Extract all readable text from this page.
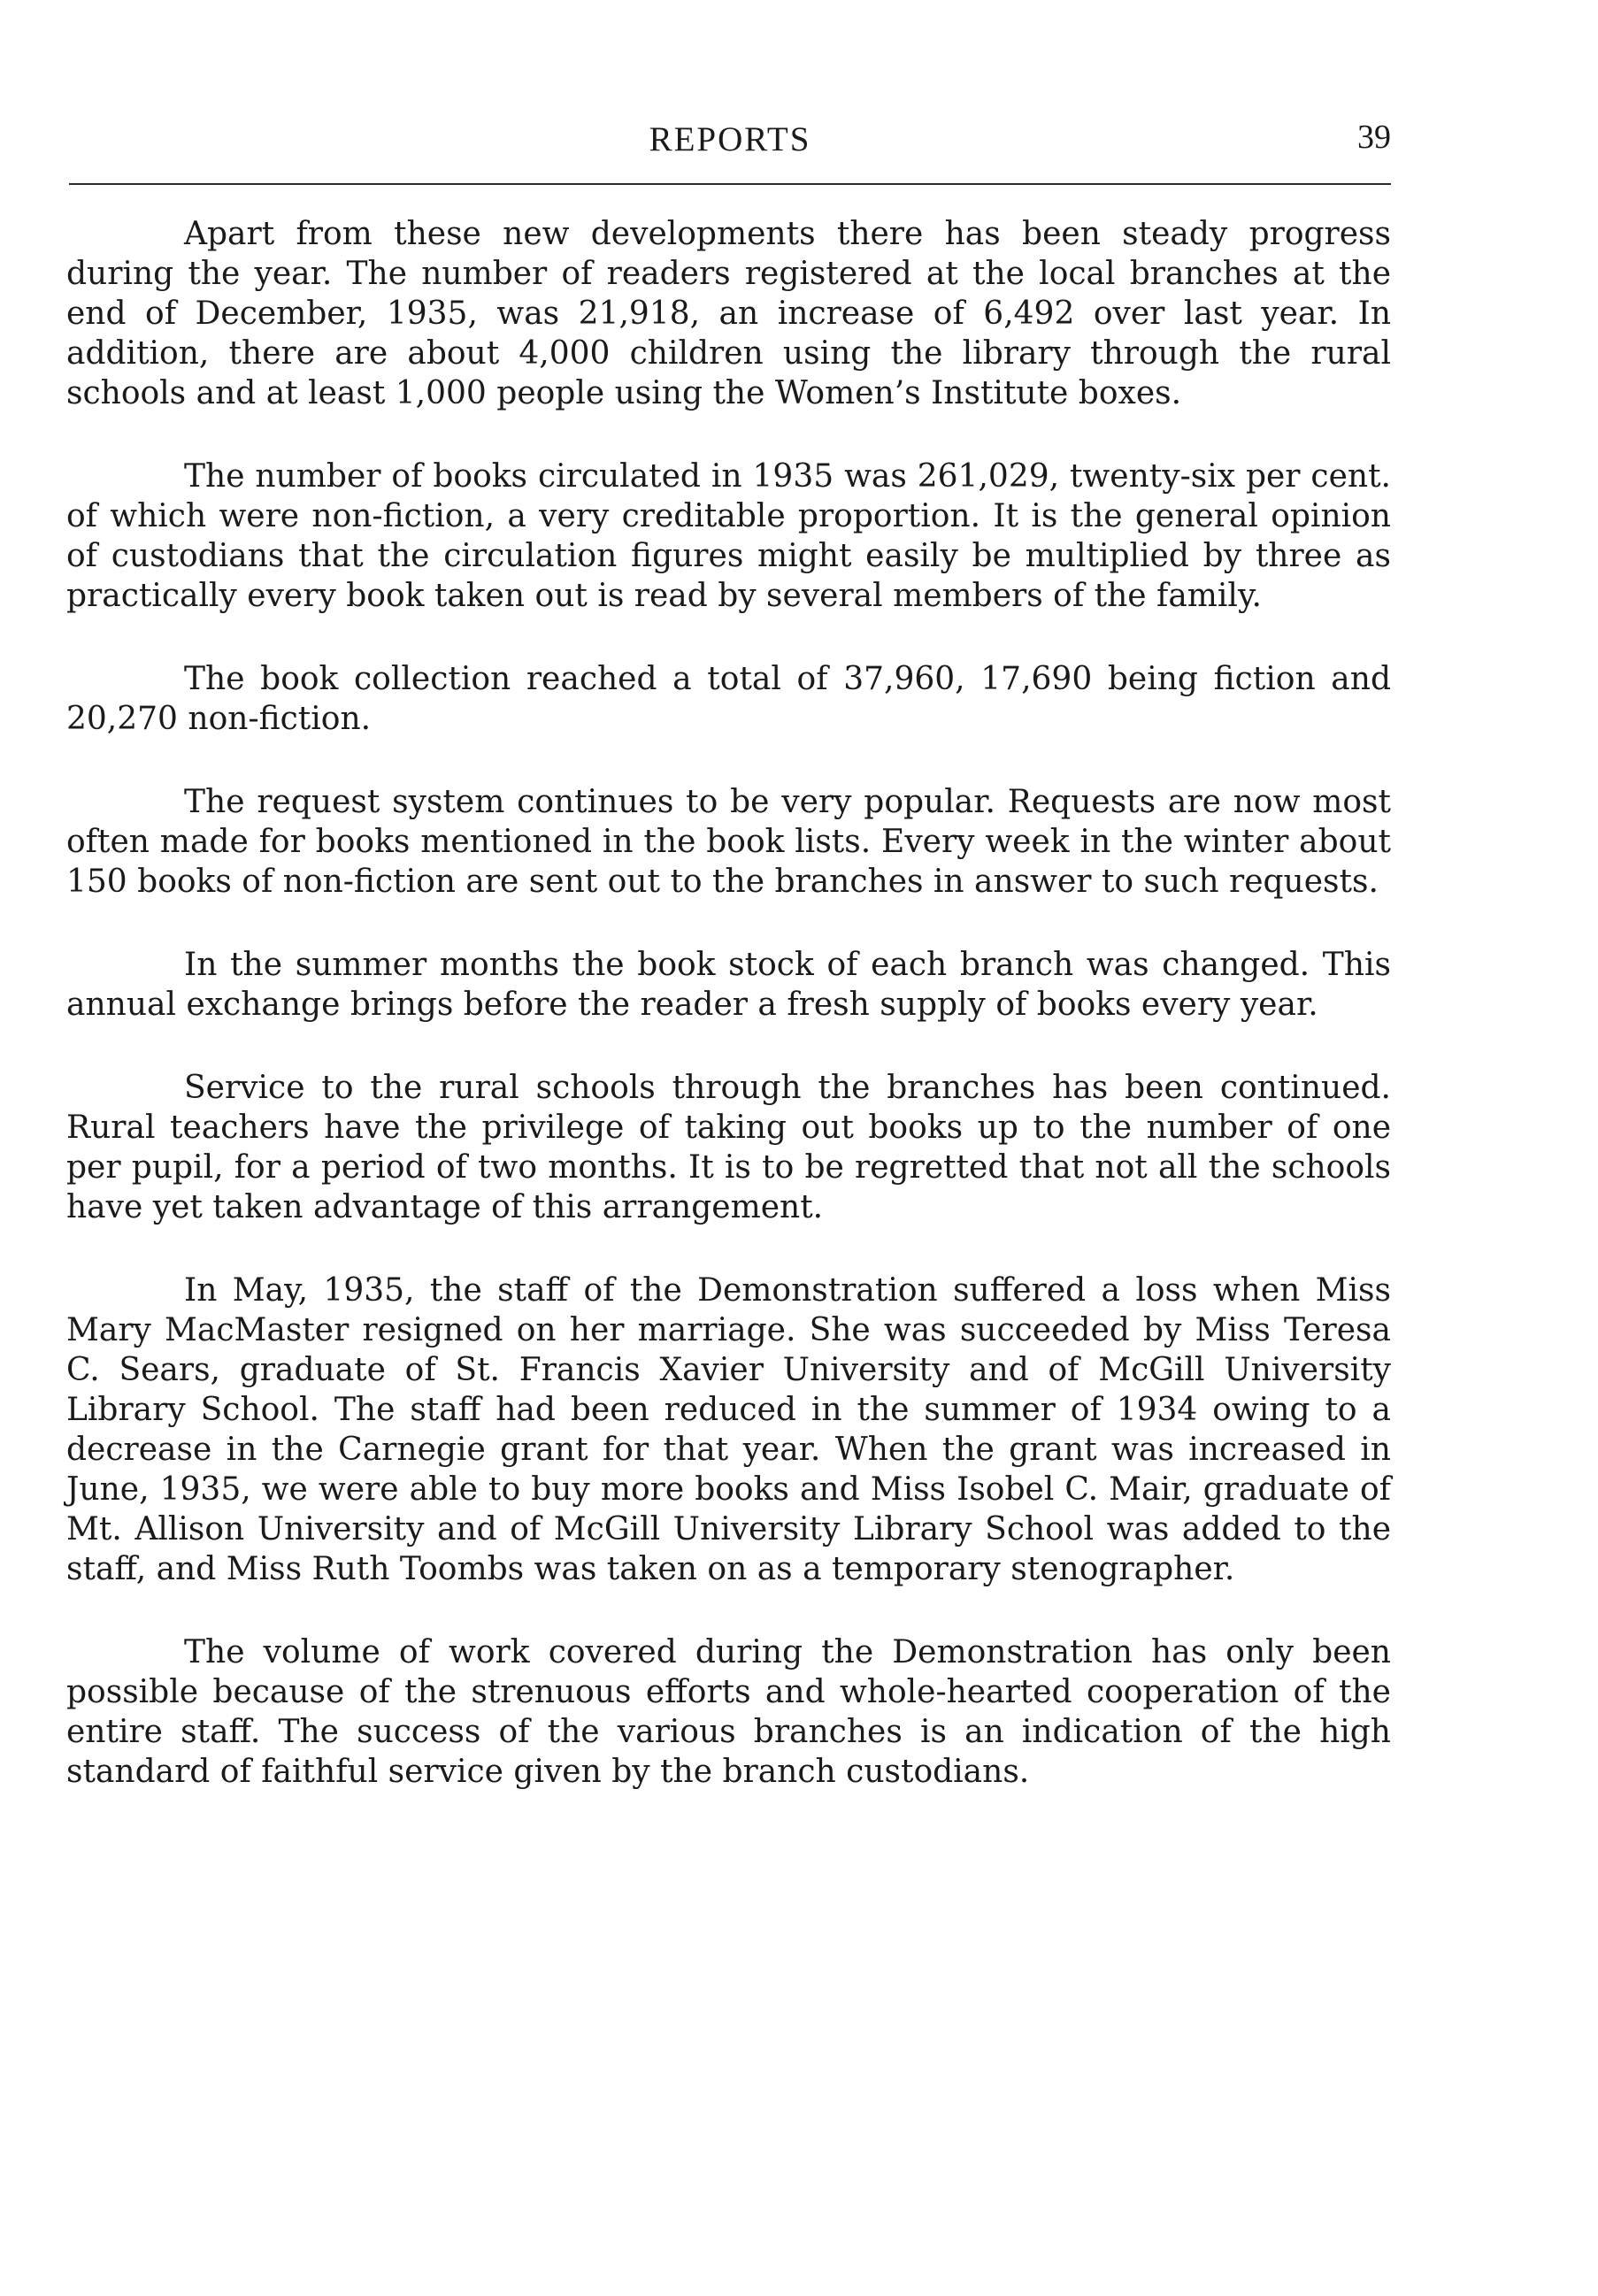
REPORTS	39

Apart from these new developments there has been steady progress during the year. The number of readers registered at the local branches at the end of December, 1935, was 21,918, an increase of 6,492 over last year. In addition, there are about 4,000 children using the library through the rural schools and at least 1,000 people using the Women’s Institute boxes.

The number of books circulated in 1935 was 261,029, twenty-six per cent. of which were non-fiction, a very creditable proportion. It is the general opinion of custodians that the circulation figures might easily be multiplied by three as practically every book taken out is read by several members of the family.

The book collection reached a total of 37,960, 17,690 being fiction and 20,270 non-fiction.

The request system continues to be very popular. Requests are now most often made for books mentioned in the book lists. Every week in the winter about 150 books of non-fiction are sent out to the branches in answer to such requests.

In the summer months the book stock of each branch was changed. This annual exchange brings before the reader a fresh supply of books every year.

Service to the rural schools through the branches has been continued. Rural teachers have the privilege of taking out books up to the number of one per pupil, for a period of two months. It is to be regretted that not all the schools have yet taken advantage of this arrangement.

In May, 1935, the staff of the Demonstration suffered a loss when Miss Mary MacMaster resigned on her marriage. She was succeeded by Miss Teresa C. Sears, graduate of St. Francis Xavier University and of McGill University Library School. The staff had been reduced in the summer of 1934 owing to a decrease in the Carnegie grant for that year. When the grant was increased in June, 1935, we were able to buy more books and Miss Isobel C. Mair, graduate of Mt. Allison University and of McGill University Library School was added to the staff, and Miss Ruth Toombs was taken on as a temporary stenographer.

The volume of work covered during the Demonstration has only been possible because of the strenuous efforts and whole-hearted cooperation of the entire staff. The success of the various branches is an indication of the high standard of faithful service given by the branch custodians.
